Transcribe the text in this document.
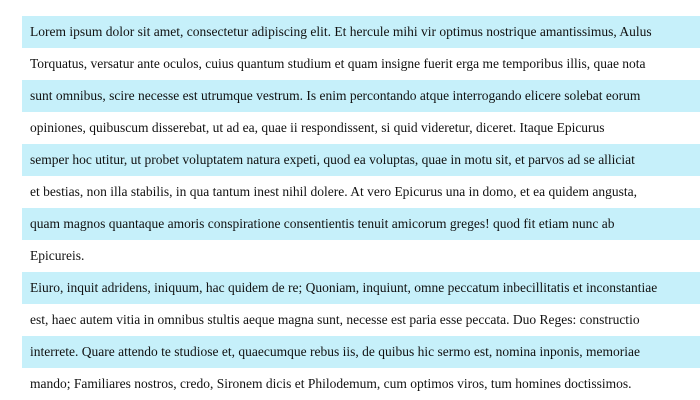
Lorem ipsum dolor sit amet, consectetur adipiscing elit. Et hercule mihi vir optimus nostrique amantissimus, Aulus
Torquatus, versatur ante oculos, cuius quantum studium et quam insigne fuerit erga me temporibus illis, quae nota
sunt omnibus, scire necesse est utrumque vestrum. Is enim percontando atque interrogando elicere solebat eorum
opiniones, quibuscum disserebat, ut ad ea, quae ii respondissent, si quid videretur, diceret. Itaque Epicurus
semper hoc utitur, ut probet voluptatem natura expeti, quod ea voluptas, quae in motu sit, et parvos ad se alliciat
et bestias, non illa stabilis, in qua tantum inest nihil dolere. At vero Epicurus una in domo, et ea quidem angusta,
quam magnos quantaque amoris conspiratione consentientis tenuit amicorum greges! quod fit etiam nunc ab
Epicureis.
Eiuro, inquit adridens, iniquum, hac quidem de re; Quoniam, inquiunt, omne peccatum inbecillitatis et inconstantiae
est, haec autem vitia in omnibus stultis aeque magna sunt, necesse est paria esse peccata. Duo Reges: constructio
interrete. Quare attendo te studiose et, quaecumque rebus iis, de quibus hic sermo est, nomina inponis, memoriae
mando; Familiares nostros, credo, Sironem dicis et Philodemum, cum optimos viros, tum homines doctissimos.
